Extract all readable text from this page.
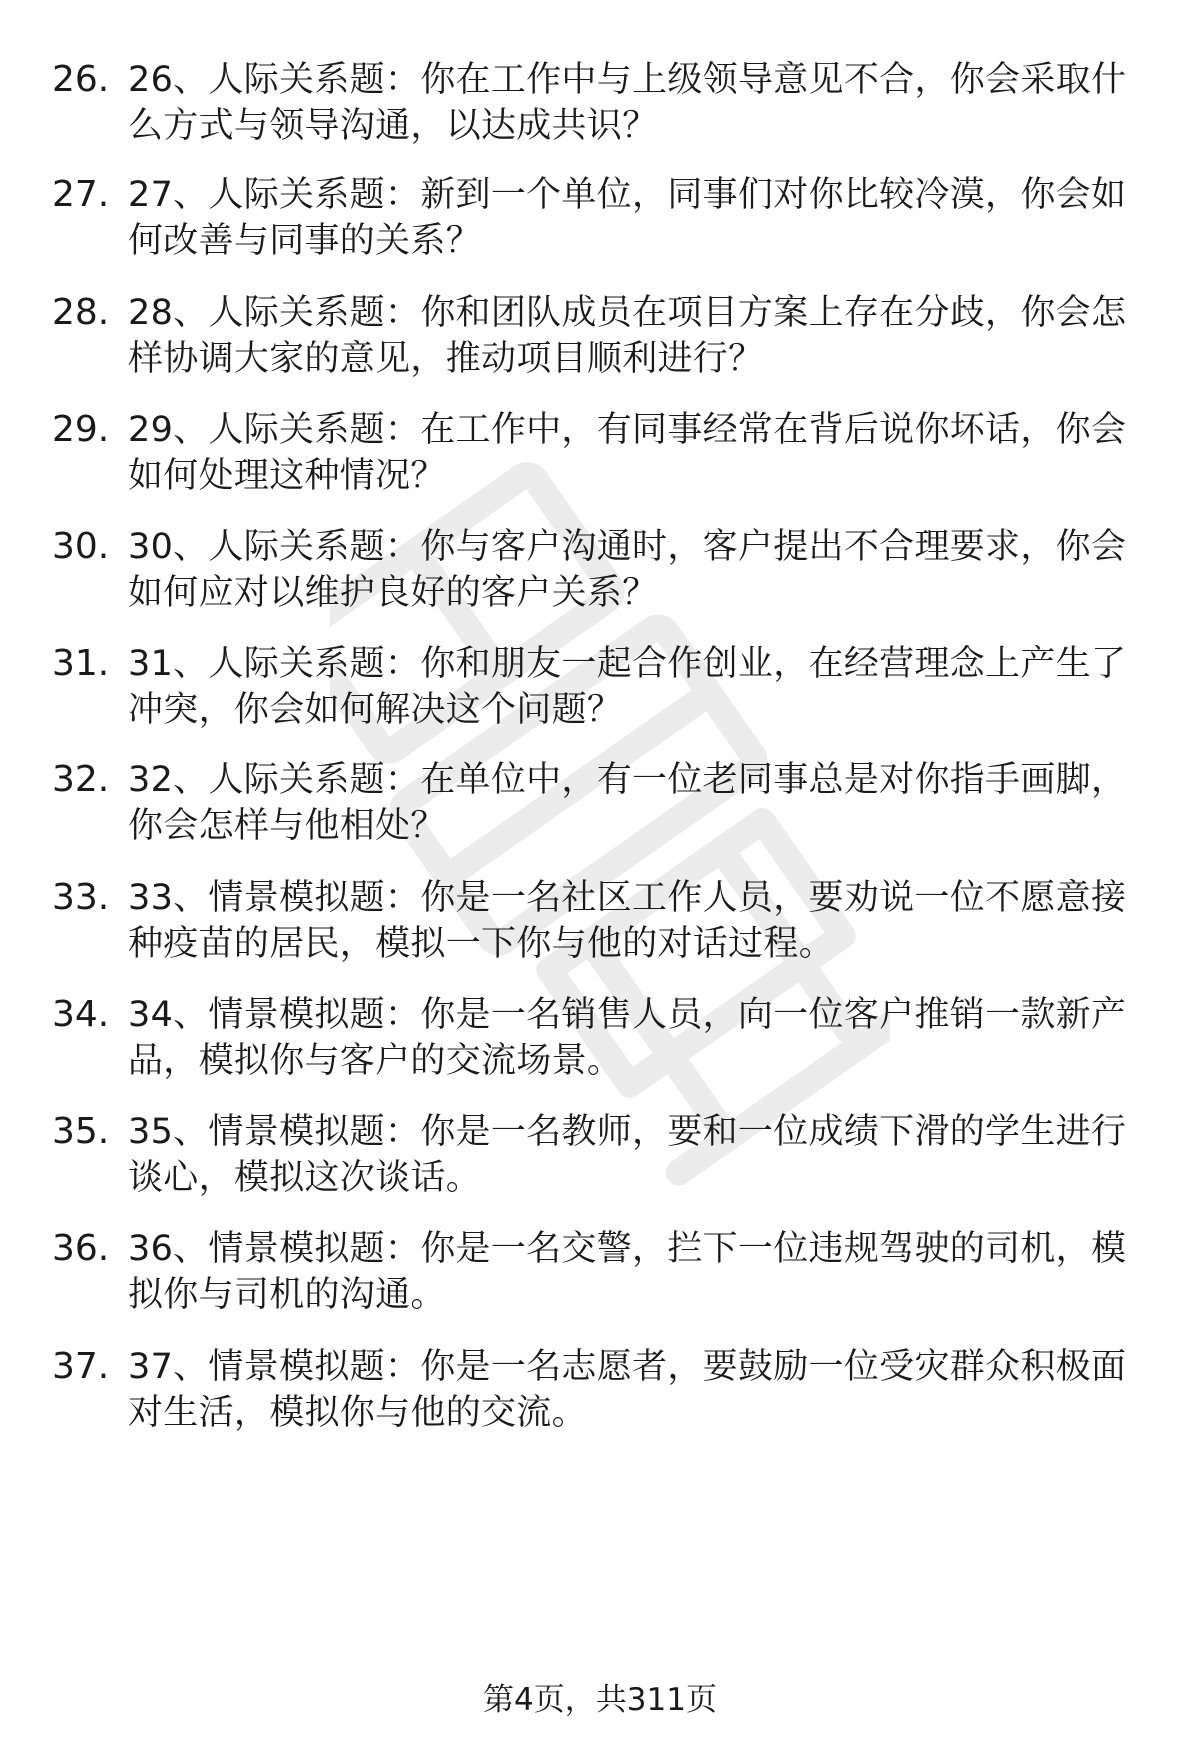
26. 26、人际关系题：你在工作中与上级领导意见不合，你会采取什
么方式与领导沟通，以达成共识？
27. 27、人际关系题：新到一个单位，同事们对你比较冷漠，你会如
何改善与同事的关系？
28. 28、人际关系题：你和团队成员在项目方案上存在分歧，你会怎
样协调大家的意见，推动项目顺利进行？
29. 29、人际关系题：在工作中，有同事经常在背后说你坏话，你会
如何处理这种情况？
30. 30、人际关系题：你与客户沟通时，客户提出不合理要求，你会
如何应对以维护良好的客户关系？
31. 31、人际关系题：你和朋友一起合作创业，在经营理念上产生了
冲突，你会如何解决这个问题？
32. 32、人际关系题：在单位中，有一位老同事总是对你指手画脚，
你会怎样与他相处？
33. 33、情景模拟题：你是一名社区工作人员，要劝说一位不愿意接
种疫苗的居民，模拟一下你与他的对话过程。
34. 34、情景模拟题：你是一名销售人员，向一位客户推销一款新产
品，模拟你与客户的交流场景。
35. 35、情景模拟题：你是一名教师，要和一位成绩下滑的学生进行
谈心，模拟这次谈话。
36. 36、情景模拟题：你是一名交警，拦下一位违规驾驶的司机，模
拟你与司机的沟通。
37. 37、情景模拟题：你是一名志愿者，要鼓励一位受灾群众积极面
对生活，模拟你与他的交流。
第4页，共311页
